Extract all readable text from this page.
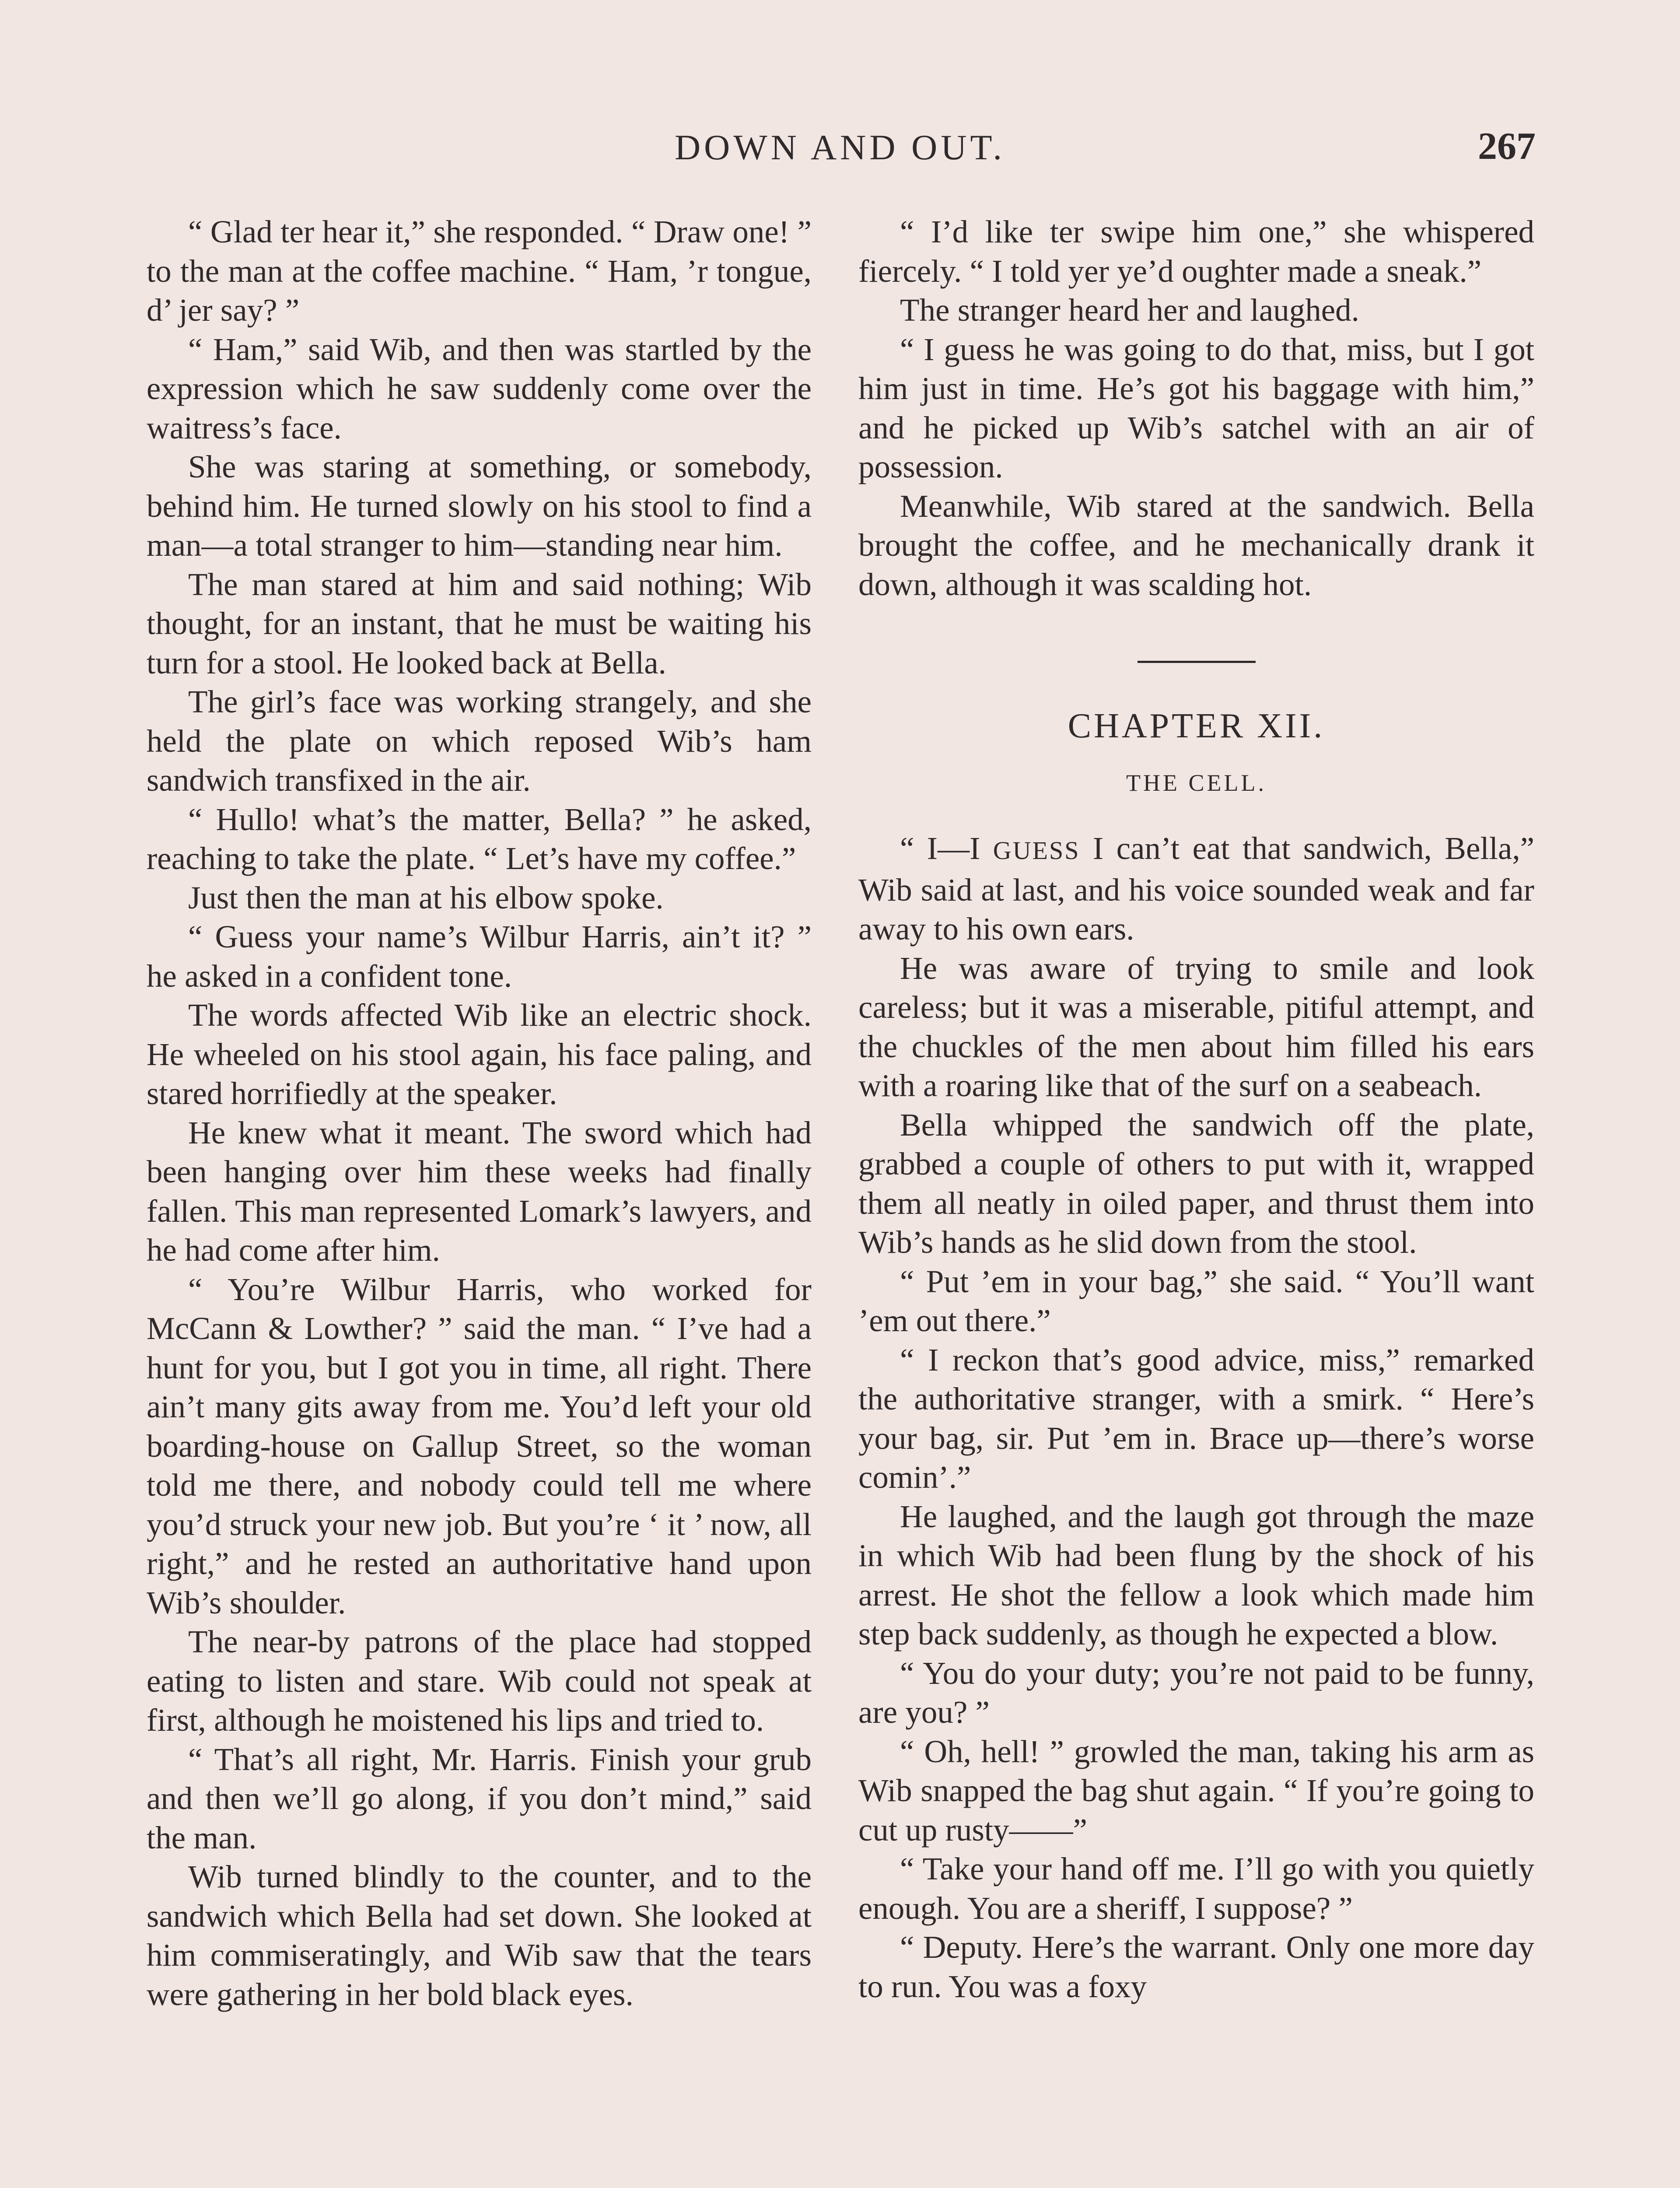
DOWN AND OUT.	267

“ Glad ter hear it,” she responded. “ Draw one! ” to the man at the coffee machine. “ Ham, ’r tongue, d’ jer say? ”

“ Ham,” said Wib, and then was startled by the expression which he saw suddenly come over the waitress’s face.

She was staring at something, or somebody, behind him. He turned slowly on his stool to find a man—a total stranger to him—standing near him.

The man stared at him and said nothing; Wib thought, for an instant, that he must be waiting his turn for a stool. He looked back at Bella.

The girl’s face was working strangely, and she held the plate on which reposed Wib’s ham sandwich transfixed in the air.

“ Hullo! what’s the matter, Bella? ” he asked, reaching to take the plate. “ Let’s have my coffee.”

Just then the man at his elbow spoke.

“ Guess your name’s Wilbur Harris, ain’t it? ” he asked in a confident tone.

The words affected Wib like an electric shock. He wheeled on his stool again, his face paling, and stared horrifiedly at the speaker.

He knew what it meant. The sword which had been hanging over him these weeks had finally fallen. This man represented Lomark’s lawyers, and he had come after him.

“ You’re Wilbur Harris, who worked for McCann & Lowther? ” said the man. “ I’ve had a hunt for you, but I got you in time, all right. There ain’t many gits away from me. You’d left your old boarding-house on Gallup Street, so the woman told me there, and nobody could tell me where you’d struck your new job. But you’re ‘ it ’ now, all right,” and he rested an authoritative hand upon Wib’s shoulder.

The near-by patrons of the place had stopped eating to listen and stare. Wib could not speak at first, although he moistened his lips and tried to.

“ That’s all right, Mr. Harris. Finish your grub and then we’ll go along, if you don’t mind,” said the man.

Wib turned blindly to the counter, and to the sandwich which Bella had set down. She looked at him commiseratingly, and Wib saw that the tears were gathering in her bold black eyes.

“ I’d like ter swipe him one,” she whispered fiercely. “ I told yer ye’d oughter made a sneak.”

The stranger heard her and laughed.

“ I guess he was going to do that, miss, but I got him just in time. He’s got his baggage with him,” and he picked up Wib’s satchel with an air of possession.

Meanwhile, Wib stared at the sandwich. Bella brought the coffee, and he mechanically drank it down, although it was scalding hot.

CHAPTER XII.
THE CELL.

“ I—I GUESS I can’t eat that sandwich, Bella,” Wib said at last, and his voice sounded weak and far away to his own ears.

He was aware of trying to smile and look careless; but it was a miserable, pitiful attempt, and the chuckles of the men about him filled his ears with a roaring like that of the surf on a seabeach.

Bella whipped the sandwich off the plate, grabbed a couple of others to put with it, wrapped them all neatly in oiled paper, and thrust them into Wib’s hands as he slid down from the stool.

“ Put ’em in your bag,” she said. “ You’ll want ’em out there.”

“ I reckon that’s good advice, miss,” remarked the authoritative stranger, with a smirk. “ Here’s your bag, sir. Put ’em in. Brace up—there’s worse comin’.”

He laughed, and the laugh got through the maze in which Wib had been flung by the shock of his arrest. He shot the fellow a look which made him step back suddenly, as though he expected a blow.

“ You do your duty; you’re not paid to be funny, are you? ”

“ Oh, hell! ” growled the man, taking his arm as Wib snapped the bag shut again. “ If you’re going to cut up rusty——”

“ Take your hand off me. I’ll go with you quietly enough. You are a sheriff, I suppose? ”

“ Deputy. Here’s the warrant. Only one more day to run. You was a foxy
